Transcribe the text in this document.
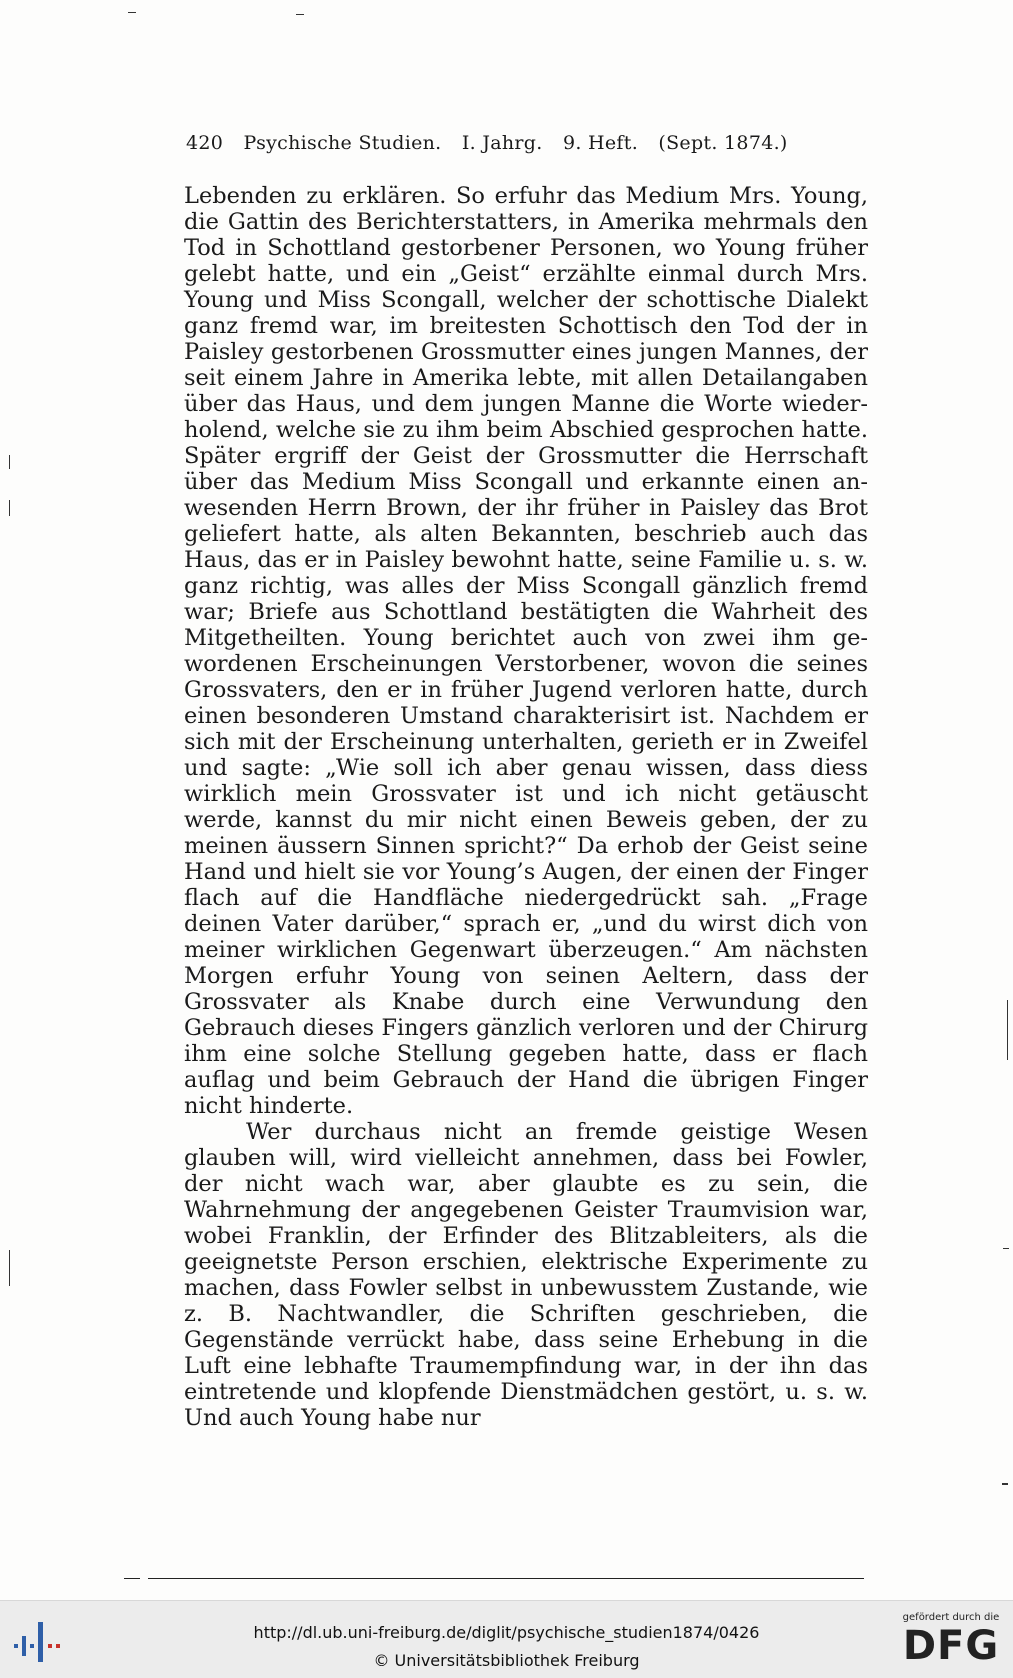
420 Psychische Studien. I. Jahrg. 9. Heft. (Sept. 1874.)

Lebenden zu erklären. So erfuhr das Medium Mrs. Young, die Gattin des Berichterstatters, in Amerika mehrmals den Tod in Schottland gestorbener Personen, wo Young früher gelebt hatte, und ein „Geist“ erzählte einmal durch Mrs. Young und Miss Scongall, welcher der schottische Dialekt ganz fremd war, im breitesten Schottisch den Tod der in Paisley gestorbenen Grossmutter eines jungen Mannes, der seit einem Jahre in Amerika lebte, mit allen Detailangaben über das Haus, und dem jungen Manne die Worte wiederholend, welche sie zu ihm beim Abschied gesprochen hatte. Später ergriff der Geist der Grossmutter die Herrschaft über das Medium Miss Scongall und erkannte einen anwesenden Herrn Brown, der ihr früher in Paisley das Brot geliefert hatte, als alten Bekannten, beschrieb auch das Haus, das er in Paisley bewohnt hatte, seine Familie u. s. w. ganz richtig, was alles der Miss Scongall gänzlich fremd war; Briefe aus Schottland bestätigten die Wahrheit des Mitgetheilten. Young berichtet auch von zwei ihm gewordenen Erscheinungen Verstorbener, wovon die seines Grossvaters, den er in früher Jugend verloren hatte, durch einen besonderen Umstand charakterisirt ist. Nachdem er sich mit der Erscheinung unterhalten, gerieth er in Zweifel und sagte: „Wie soll ich aber genau wissen, dass diess wirklich mein Grossvater ist und ich nicht getäuscht werde, kannst du mir nicht einen Beweis geben, der zu meinen äussern Sinnen spricht?“ Da erhob der Geist seine Hand und hielt sie vor Young’s Augen, der einen der Finger flach auf die Handfläche niedergedrückt sah. „Frage deinen Vater darüber,“ sprach er, „und du wirst dich von meiner wirklichen Gegenwart überzeugen.“ Am nächsten Morgen erfuhr Young von seinen Aeltern, dass der Grossvater als Knabe durch eine Verwundung den Gebrauch dieses Fingers gänzlich verloren und der Chirurg ihm eine solche Stellung gegeben hatte, dass er flach auflag und beim Gebrauch der Hand die übrigen Finger nicht hinderte.

Wer durchaus nicht an fremde geistige Wesen glauben will, wird vielleicht annehmen, dass bei Fowler, der nicht wach war, aber glaubte es zu sein, die Wahrnehmung der angegebenen Geister Traumvision war, wobei Franklin, der Erfinder des Blitzableiters, als die geeignetste Person erschien, elektrische Experimente zu machen, dass Fowler selbst in unbewusstem Zustande, wie z. B. Nachtwandler, die Schriften geschrieben, die Gegenstände verrückt habe, dass seine Erhebung in die Luft eine lebhafte Traumempfindung war, in der ihn das eintretende und klopfende Dienstmädchen gestört, u. s. w. Und auch Young habe nur

http://dl.ub.uni-freiburg.de/diglit/psychische_studien1874/0426
© Universitätsbibliothek Freiburg
gefördert durch die
DFG
